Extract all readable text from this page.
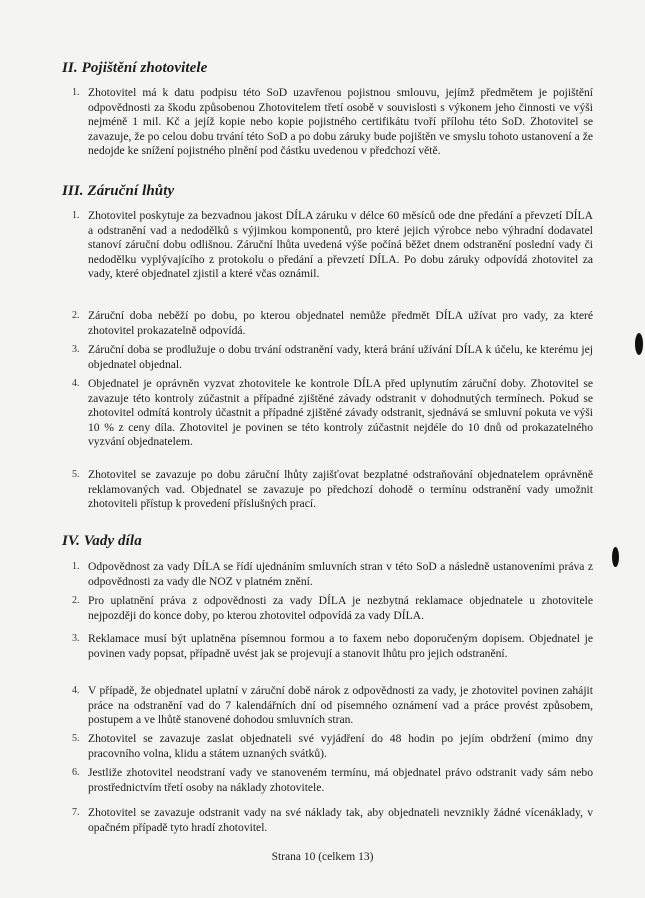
II. Pojištění zhotovitele
1. Zhotovitel má k datu podpisu této SoD uzavřenou pojistnou smlouvu, jejímž předmětem je pojištění odpovědnosti za škodu způsobenou Zhotovitelem třetí osobě v souvislosti s výkonem jeho činnosti ve výši nejméně 1 mil. Kč a jejíž kopie nebo kopie pojistného certifikátu tvoří přílohu této SoD. Zhotovitel se zavazuje, že po celou dobu trvání této SoD a po dobu záruky bude pojištěn ve smyslu tohoto ustanovení a že nedojde ke snížení pojistného plnění pod částku uvedenou v předchozí větě.
III. Záruční lhůty
1. Zhotovitel poskytuje za bezvadnou jakost DÍLA záruku v délce 60 měsíců ode dne předání a převzetí DÍLA a odstranění vad a nedodělků s výjimkou komponentů, pro které jejich výrobce nebo výhradní dodavatel stanoví záruční dobu odlišnou. Záruční lhůta uvedená výše počíná běžet dnem odstranění poslední vady či nedodělku vyplývajícího z protokolu o předání a převzetí DÍLA. Po dobu záruky odpovídá zhotovitel za vady, které objednatel zjistil a které včas oznámil.
2. Záruční doba neběží po dobu, po kterou objednatel nemůže předmět DÍLA užívat pro vady, za které zhotovitel prokazatelně odpovídá.
3. Záruční doba se prodlužuje o dobu trvání odstranění vady, která brání užívání DÍLA k účelu, ke kterému jej objednatel objednal.
4. Objednatel je oprávněn vyzvat zhotovitele ke kontrole DÍLA před uplynutím záruční doby. Zhotovitel se zavazuje této kontroly zúčastnit a případné zjištěné závady odstranit v dohodnutých termínech. Pokud se zhotovitel odmítá kontroly účastnit a případné zjištěné závady odstranit, sjednává se smluvní pokuta ve výši 10 % z ceny díla. Zhotovitel je povinen se této kontroly zúčastnit nejdéle do 10 dnů od prokazatelného vyzvání objednatelem.
5. Zhotovitel se zavazuje po dobu záruční lhůty zajišťovat bezplatné odstraňování objednatelem oprávněně reklamovaných vad. Objednatel se zavazuje po předchozí dohodě o termínu odstranění vady umožnit zhotoviteli přístup k provedení příslušných prací.
IV. Vady díla
1. Odpovědnost za vady DÍLA se řídí ujednáním smluvních stran v této SoD a následně ustanoveními práva z odpovědnosti za vady dle NOZ v platném znění.
2. Pro uplatnění práva z odpovědnosti za vady DÍLA je nezbytná reklamace objednatele u zhotovitele nejpozději do konce doby, po kterou zhotovitel odpovídá za vady DÍLA.
3. Reklamace musí být uplatněna písemnou formou a to faxem nebo doporučeným dopisem. Objednatel je povinen vady popsat, případně uvést jak se projevují a stanovit lhůtu pro jejich odstranění.
4. V případě, že objednatel uplatní v záruční době nárok z odpovědnosti za vady, je zhotovitel povinen zahájit práce na odstranění vad do 7 kalendářních dní od písemného oznámení vad a práce provést způsobem, postupem a ve lhůtě stanovené dohodou smluvních stran.
5. Zhotovitel se zavazuje zaslat objednateli své vyjádření do 48 hodin po jejím obdržení (mimo dny pracovního volna, klidu a státem uznaných svátků).
6. Jestliže zhotovitel neodstraní vady ve stanoveném termínu, má objednatel právo odstranit vady sám nebo prostřednictvím třetí osoby na náklady zhotovitele.
7. Zhotovitel se zavazuje odstranit vady na své náklady tak, aby objednateli nevznikly žádné vícenáklady, v opačném případě tyto hradí zhotovitel.
Strana 10 (celkem 13)
